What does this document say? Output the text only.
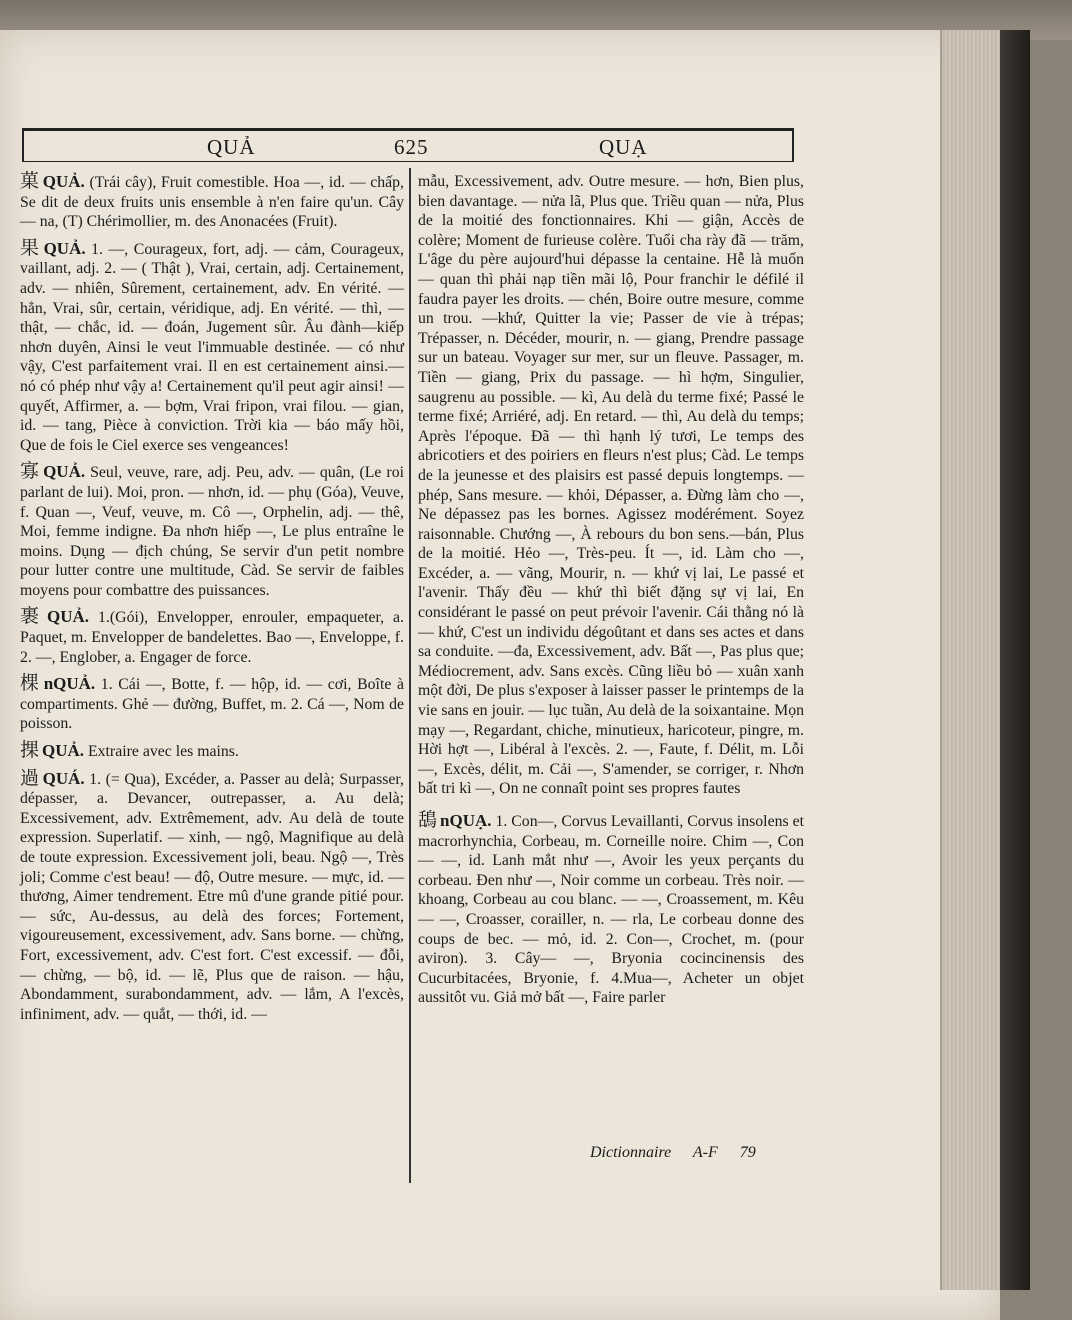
QUẢ	625	QUẠ

菓 QUẢ. (Trái cây), Fruit comestible. Hoa —, id. — chấp, Se dit de deux fruits unis ensemble à n'en faire qu'un. Cây — na, (T) Chérimollier, m. des Anonacées (Fruit).

果 QUẢ. 1. —, Courageux, fort, adj. — cảm, Courageux, vaillant, adj. 2. — ( Thật ), Vrai, certain, adj. Certainement, adv. — nhiên, Sûrement, certainement, adv. En vérité. — hẳn, Vrai, sûr, certain, véridique, adj. En vérité. — thì, — thật, — chắc, id. — đoán, Jugement sûr. Âu đành—kiếp nhơn duyên, Ainsi le veut l'immuable destinée. — có như vậy, C'est parfaitement vrai. Il en est certainement ainsi.—nó có phép như vậy a! Certainement qu'il peut agir ainsi! — quyết, Affirmer, a. — bợm, Vrai fripon, vrai filou. — gian, id. — tang, Pièce à conviction. Trời kia — báo mấy hồi, Que de fois le Ciel exerce ses vengeances!

寡 QUẢ. Seul, veuve, rare, adj. Peu, adv. — quân, (Le roi parlant de lui). Moi, pron. — nhơn, id. — phụ (Góa), Veuve, f. Quan —, Veuf, veuve, m. Cô —, Orphelin, adj. — thê, Moi, femme indigne. Đa nhơn hiếp —, Le plus entraîne le moins. Dụng — địch chúng, Se servir d'un petit nombre pour lutter contre une multitude, Càd. Se servir de faibles moyens pour combattre des puissances.

裹 QUẢ. 1.(Gói), Envelopper, enrouler, empaqueter, a. Paquet, m. Envelopper de bandelettes. Bao —, Enveloppe, f. 2. —, Englober, a. Engager de force.

棵 nQUẢ. 1. Cái —, Botte, f. — hộp, id. — cơi, Boîte à compartiments. Ghẻ — đường, Buffet, m. 2. Cá —, Nom de poisson.

捰 QUẢ. Extraire avec les mains.

過 QUÁ. 1. (= Qua), Excéder, a. Passer au delà; Surpasser, dépasser, a. Devancer, outrepasser, a. Au delà; Excessivement, adv. Extrêmement, adv. Au delà de toute expression. Superlatif. — xinh, — ngộ, Magnifique au delà de toute expression. Excessivement joli, beau. Ngộ —, Très joli; Comme c'est beau! — độ, Outre mesure. — mực, id. — thương, Aimer tendrement. Etre mû d'une grande pitié pour. — sức, Au-dessus, au delà des forces; Fortement, vigoureusement, excessivement, adv. Sans borne. — chừng, Fort, excessivement, adv. C'est fort. C'est excessif. — đỗi, — chừng, — bộ, id. — lẽ, Plus que de raison. — hậu, Abondamment, surabondamment, adv. — lắm, A l'excès, infiniment, adv. — quắt, — thới, id. —

mẫu, Excessivement, adv. Outre mesure. — hơn, Bien plus, bien davantage. — nửa lã, Plus que. Triều quan — nửa, Plus de la moitié des fonctionnaires. Khi — giận, Accès de colère; Moment de furieuse colère. Tuổi cha rày đã — trăm, L'âge du père aujourd'hui dépasse la centaine. Hễ là muốn — quan thì phải nạp tiền mãi lộ, Pour franchir le défilé il faudra payer les droits. — chén, Boire outre mesure, comme un trou. —khứ, Quitter la vie; Passer de vie à trépas; Trépasser, n. Décéder, mourir, n. — giang, Prendre passage sur un bateau. Voyager sur mer, sur un fleuve. Passager, m. Tiền — giang, Prix du passage. — hì hợm, Singulier, saugrenu au possible. — kì, Au delà du terme fixé; Passé le terme fixé; Arriéré, adj. En retard. — thì, Au delà du temps; Après l'époque. Đã — thì hạnh lý tươi, Le temps des abricotiers et des poiriers en fleurs n'est plus; Càd. Le temps de la jeunesse et des plaisirs est passé depuis longtemps. — phép, Sans mesure. — khỏi, Dépasser, a. Đừng làm cho —, Ne dépassez pas les bornes. Agissez modérément. Soyez raisonnable. Chướng —, À rebours du bon sens.—bán, Plus de la moitié. Hẻo —, Très-peu. Ít —, id. Làm cho —, Excéder, a. — vãng, Mourir, n. — khứ vị lai, Le passé et l'avenir. Thấy đều — khứ thì biết đặng sự vị lai, En considérant le passé on peut prévoir l'avenir. Cái thằng nó là — khứ, C'est un individu dégoûtant et dans ses actes et dans sa conduite. —đa, Excessivement, adv. Bất —, Pas plus que; Médiocrement, adv. Sans excès. Cũng liều bỏ — xuân xanh một đời, De plus s'exposer à laisser passer le printemps de la vie sans en jouir. — lục tuần, Au delà de la soixantaine. Mọn mạy —, Regardant, chiche, minutieux, haricoteur, pingre, m. Hời hợt —, Libéral à l'excès. 2. —, Faute, f. Délit, m. Lỗi —, Excès, délit, m. Cải —, S'amender, se corriger, r. Nhơn bất tri kì —, On ne connaît point ses propres fautes

鴰 nQUẠ. 1. Con—, Corvus Levaillanti, Corvus insolens et macrorhynchia, Corbeau, m. Corneille noire. Chim —, Con — —, id. Lanh mắt như —, Avoir les yeux perçants du corbeau. Đen như —, Noir comme un corbeau. Très noir. — khoang, Corbeau au cou blanc. — —, Croassement, m. Kêu — —, Croasser, corailler, n. — rla, Le corbeau donne des coups de bec. — mỏ, id. 2. Con—, Crochet, m. (pour aviron). 3. Cây— —, Bryonia cocincinensis des Cucurbitacées, Bryonie, f. 4.Mua—, Acheter un objet aussitôt vu. Giả mở bất —, Faire parler

Dictionnaire A-F 79
